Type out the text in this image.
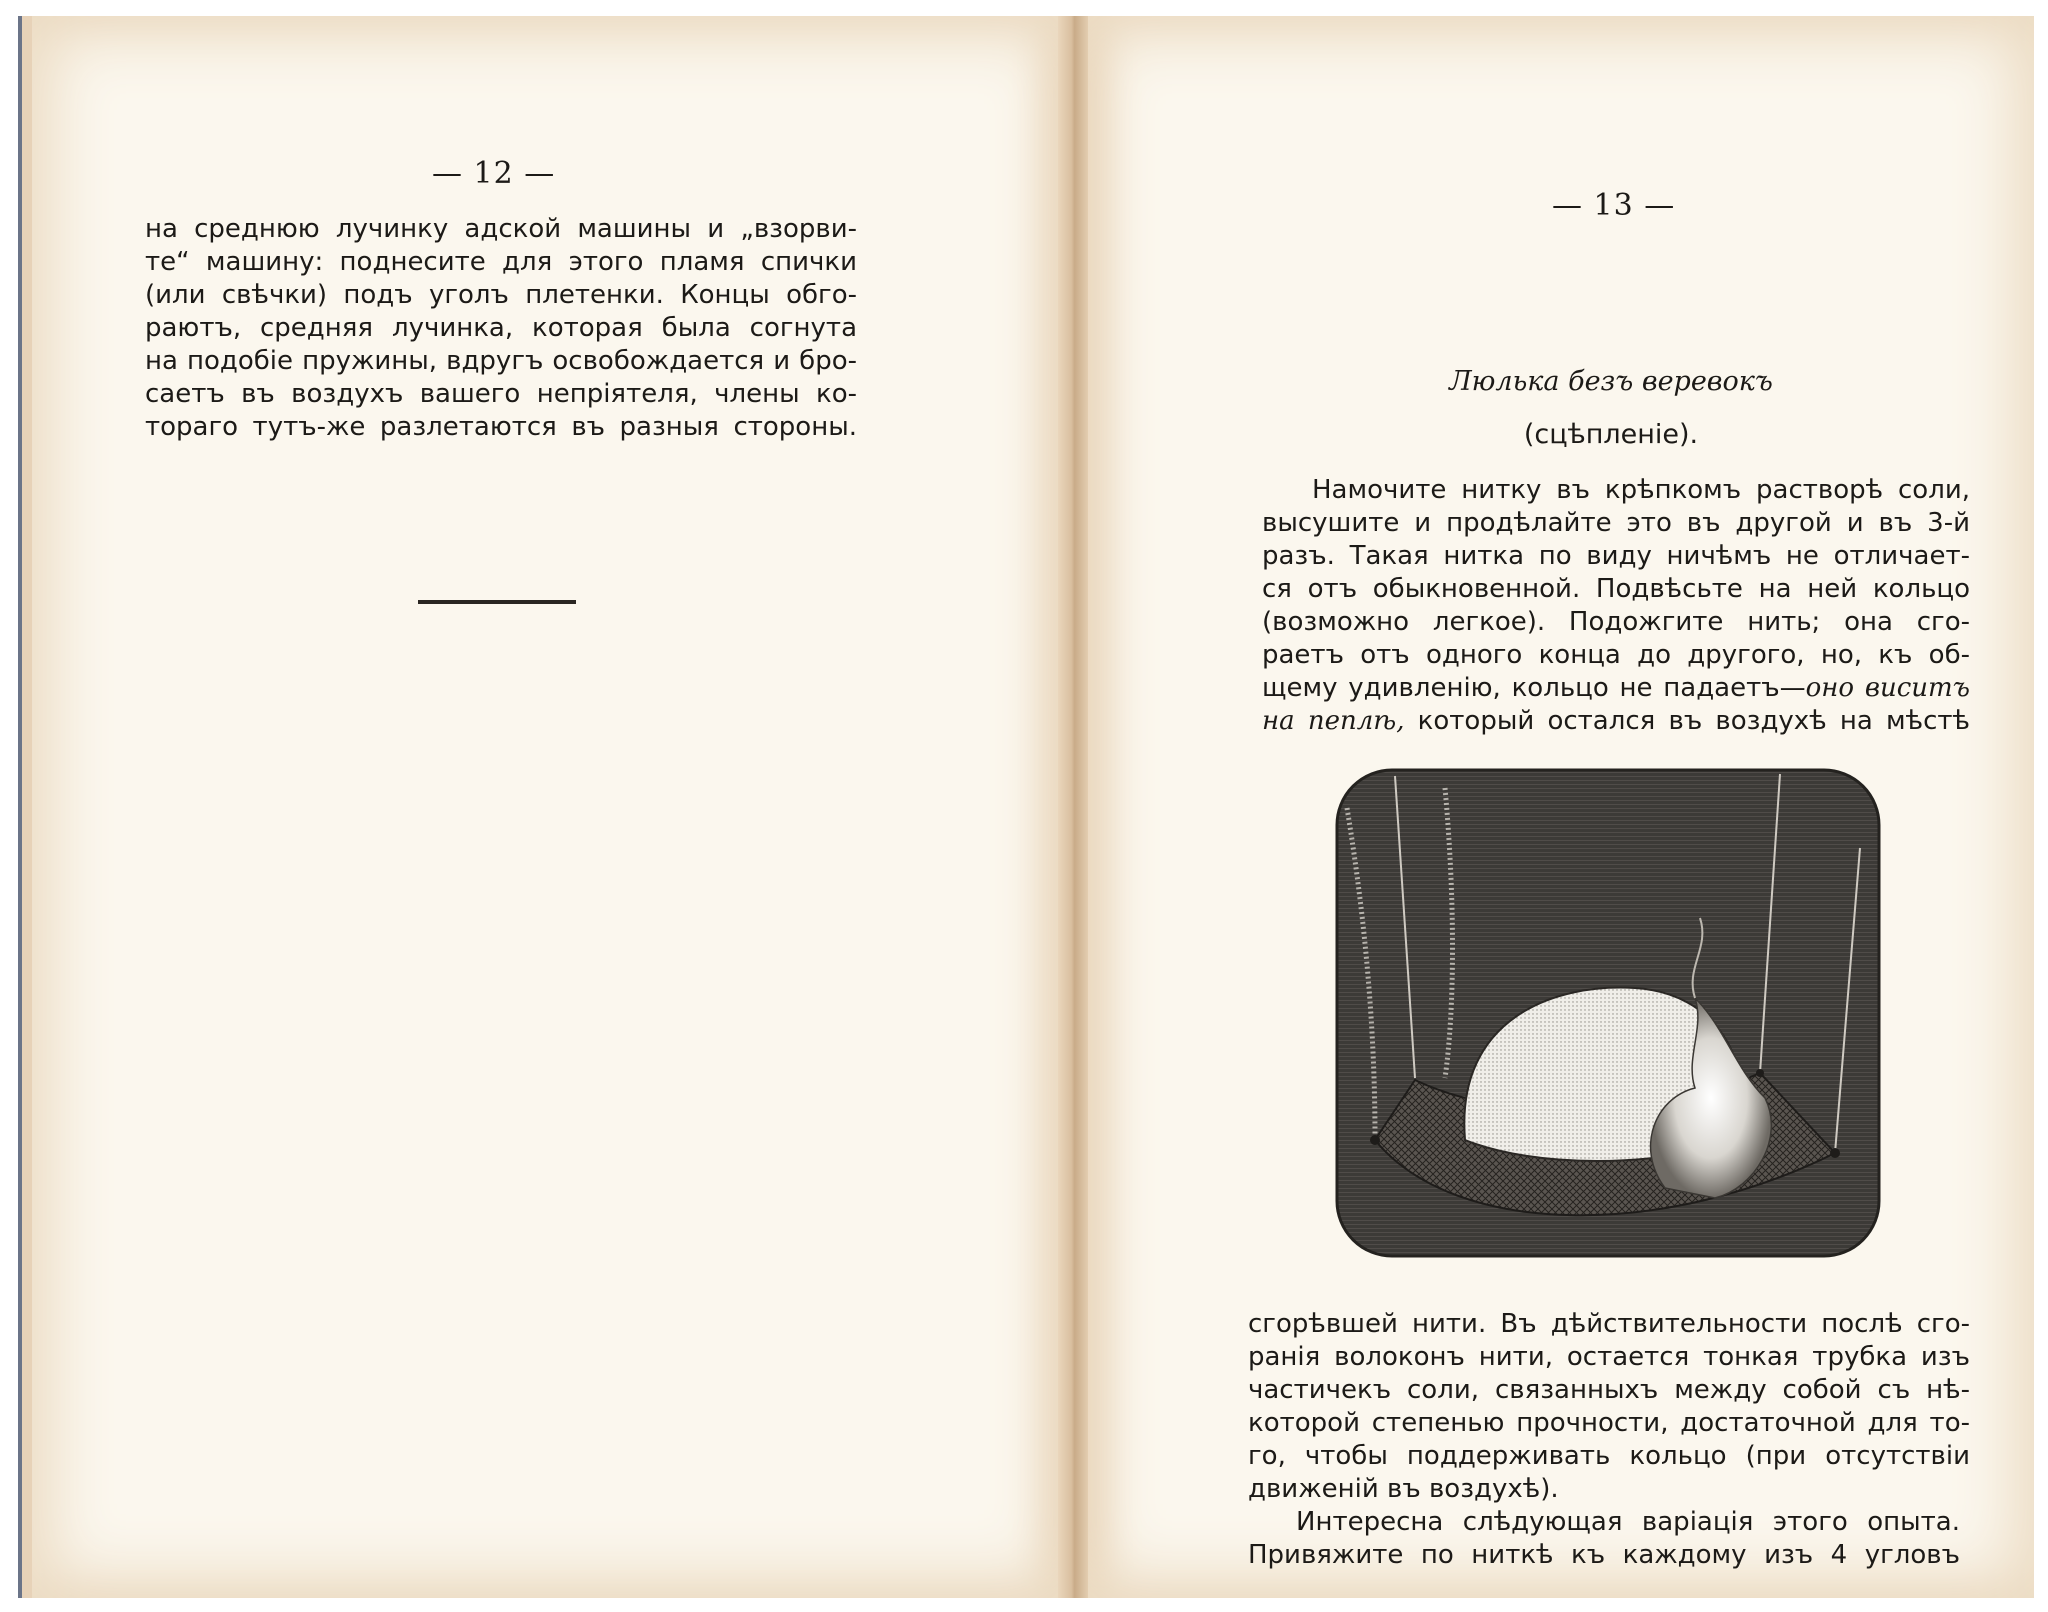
— 12 —
на среднюю лучинку адской машины и „взорви-
те“ машину: поднесите для этого пламя спички
(или свѣчки) подъ уголъ плетенки. Концы обго-
раютъ, средняя лучинка, которая была согнута
на подобіе пружины, вдругъ освобождается и бро-
саетъ въ воздухъ вашего непріятеля, члены ко-
тораго тутъ-же разлетаются въ разныя стороны.
— 13 —
Люлька безъ веревокъ
(сцѣпленіе).
Намочите нитку въ крѣпкомъ растворѣ соли,
высушите и продѣлайте это въ другой и въ 3-й
разъ. Такая нитка по виду ничѣмъ не отличает-
ся отъ обыкновенной. Подвѣсьте на ней кольцо
(возможно легкое). Подожгите нить; она сго-
раетъ отъ одного конца до другого, но, къ об-
щему удивленію, кольцо не падаетъ—оно виситъ
на пеплѣ, который остался въ воздухѣ на мѣстѣ
сгорѣвшей нити. Въ дѣйствительности послѣ сго-
ранія волоконъ нити, остается тонкая трубка изъ
частичекъ соли, связанныхъ между собой съ нѣ-
которой степенью прочности, достаточной для то-
го, чтобы поддерживать кольцо (при отсутствіи
движеній въ воздухѣ).
Интересна слѣдующая варіація этого опыта.
Привяжите по ниткѣ къ каждому изъ 4 угловъ
